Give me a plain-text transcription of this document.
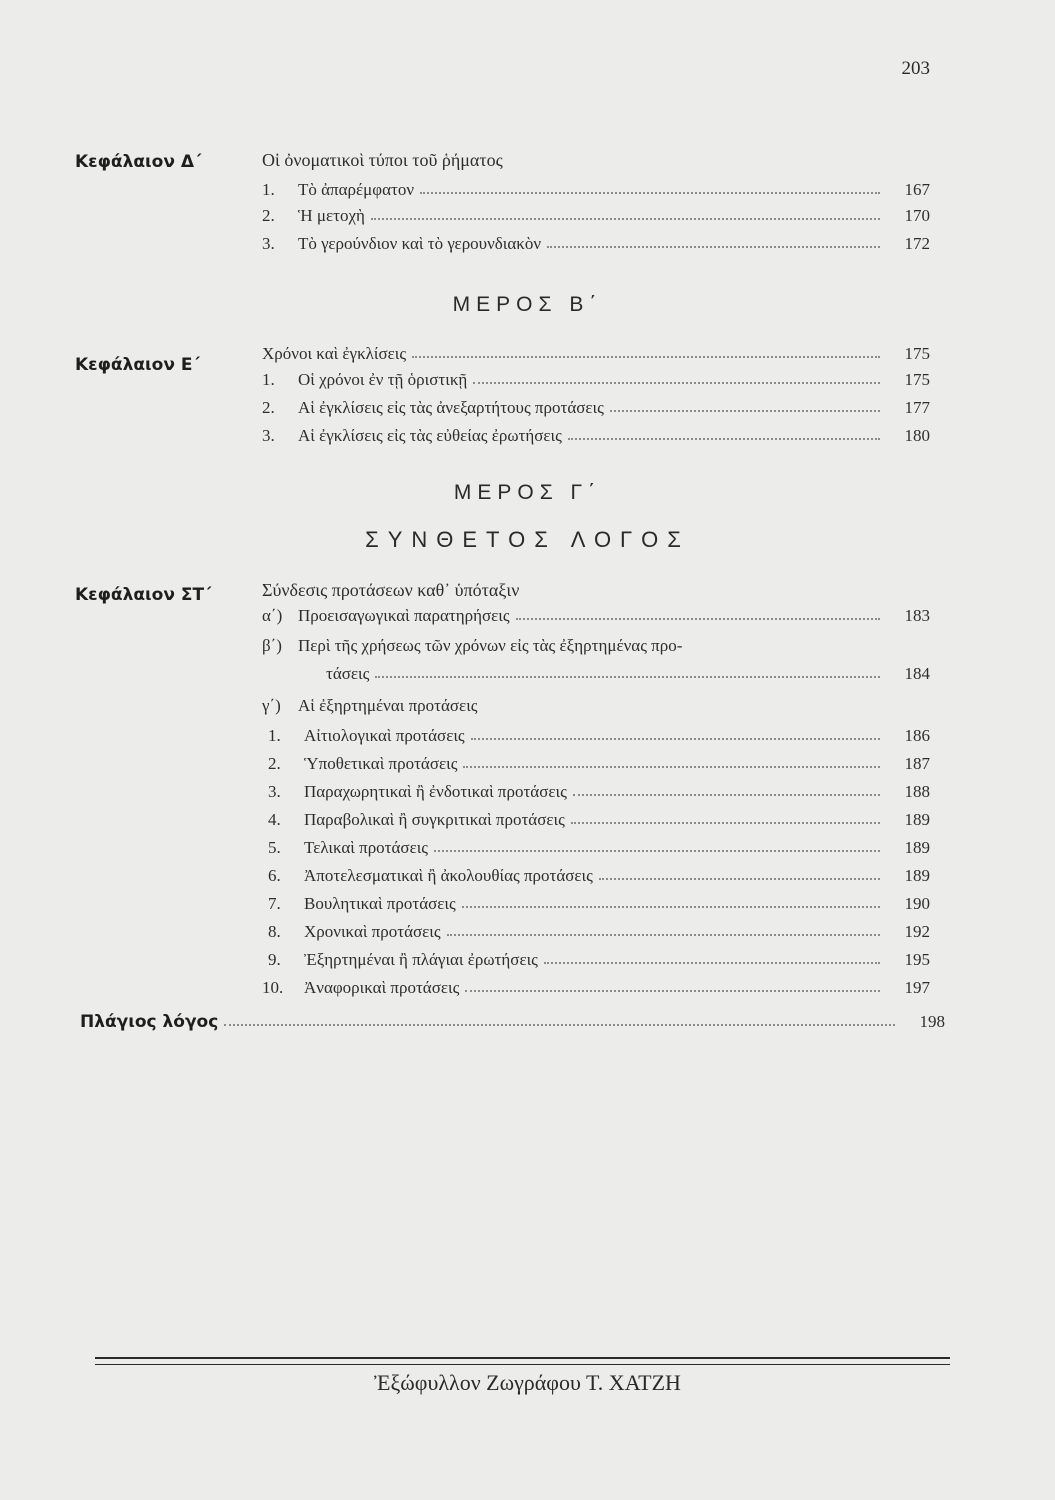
203
Κεφάλαιον Δ΄	Οἱ ὀνοματικοὶ τύποι τοῦ ῥήματος
1.	Τὸ ἀπαρέμφατον	167
2.	Ἡ μετοχὴ	170
3.	Τὸ γερούνδιον καὶ τὸ γερουνδιακὸν	172
ΜΕΡΟΣ Β΄
Κεφάλαιον Ε΄
Χρόνοι καὶ ἐγκλίσεις	175
1.	Οἱ χρόνοι ἐν τῇ ὁριστικῇ	175
2.	Αἱ ἐγκλίσεις εἰς τὰς ἀνεξαρτήτους προτάσεις	177
3.	Αἱ ἐγκλίσεις εἰς τὰς εὐθείας ἐρωτήσεις	180
ΜΕΡΟΣ Γ΄
ΣΥΝΘΕΤΟΣ ΛΟΓΟΣ
Κεφάλαιον ΣΤ΄	Σύνδεσις προτάσεων καθ᾽ ὑπόταξιν
α΄) Προεισαγωγικαὶ παρατηρήσεις	183
β΄) Περὶ τῆς χρήσεως τῶν χρόνων εἰς τὰς ἐξηρτημένας προ-
τάσεις	184
γ΄)	Αἱ ἐξηρτημέναι προτάσεις
1.	Αἰτιολογικαὶ προτάσεις	186
2.	Ὑποθετικαὶ προτάσεις	187
3.	Παραχωρητικαὶ ἢ ἐνδοτικαὶ προτάσεις	188
4.	Παραβολικαὶ ἢ συγκριτικαὶ προτάσεις	189
5.	Τελικαὶ προτάσεις	189
6.	Ἀποτελεσματικαὶ ἢ ἀκολουθίας προτάσεις	189
7.	Βουλητικαὶ προτάσεις	190
8.	Χρονικαὶ προτάσεις	192
9.	Ἐξηρτημέναι ἢ πλάγιαι ἐρωτήσεις	195
10.	Ἀναφορικαὶ προτάσεις	197
Πλάγιος λόγος	198
Ἐξώφυλλον Ζωγράφου Τ. ΧΑΤΖΗ
